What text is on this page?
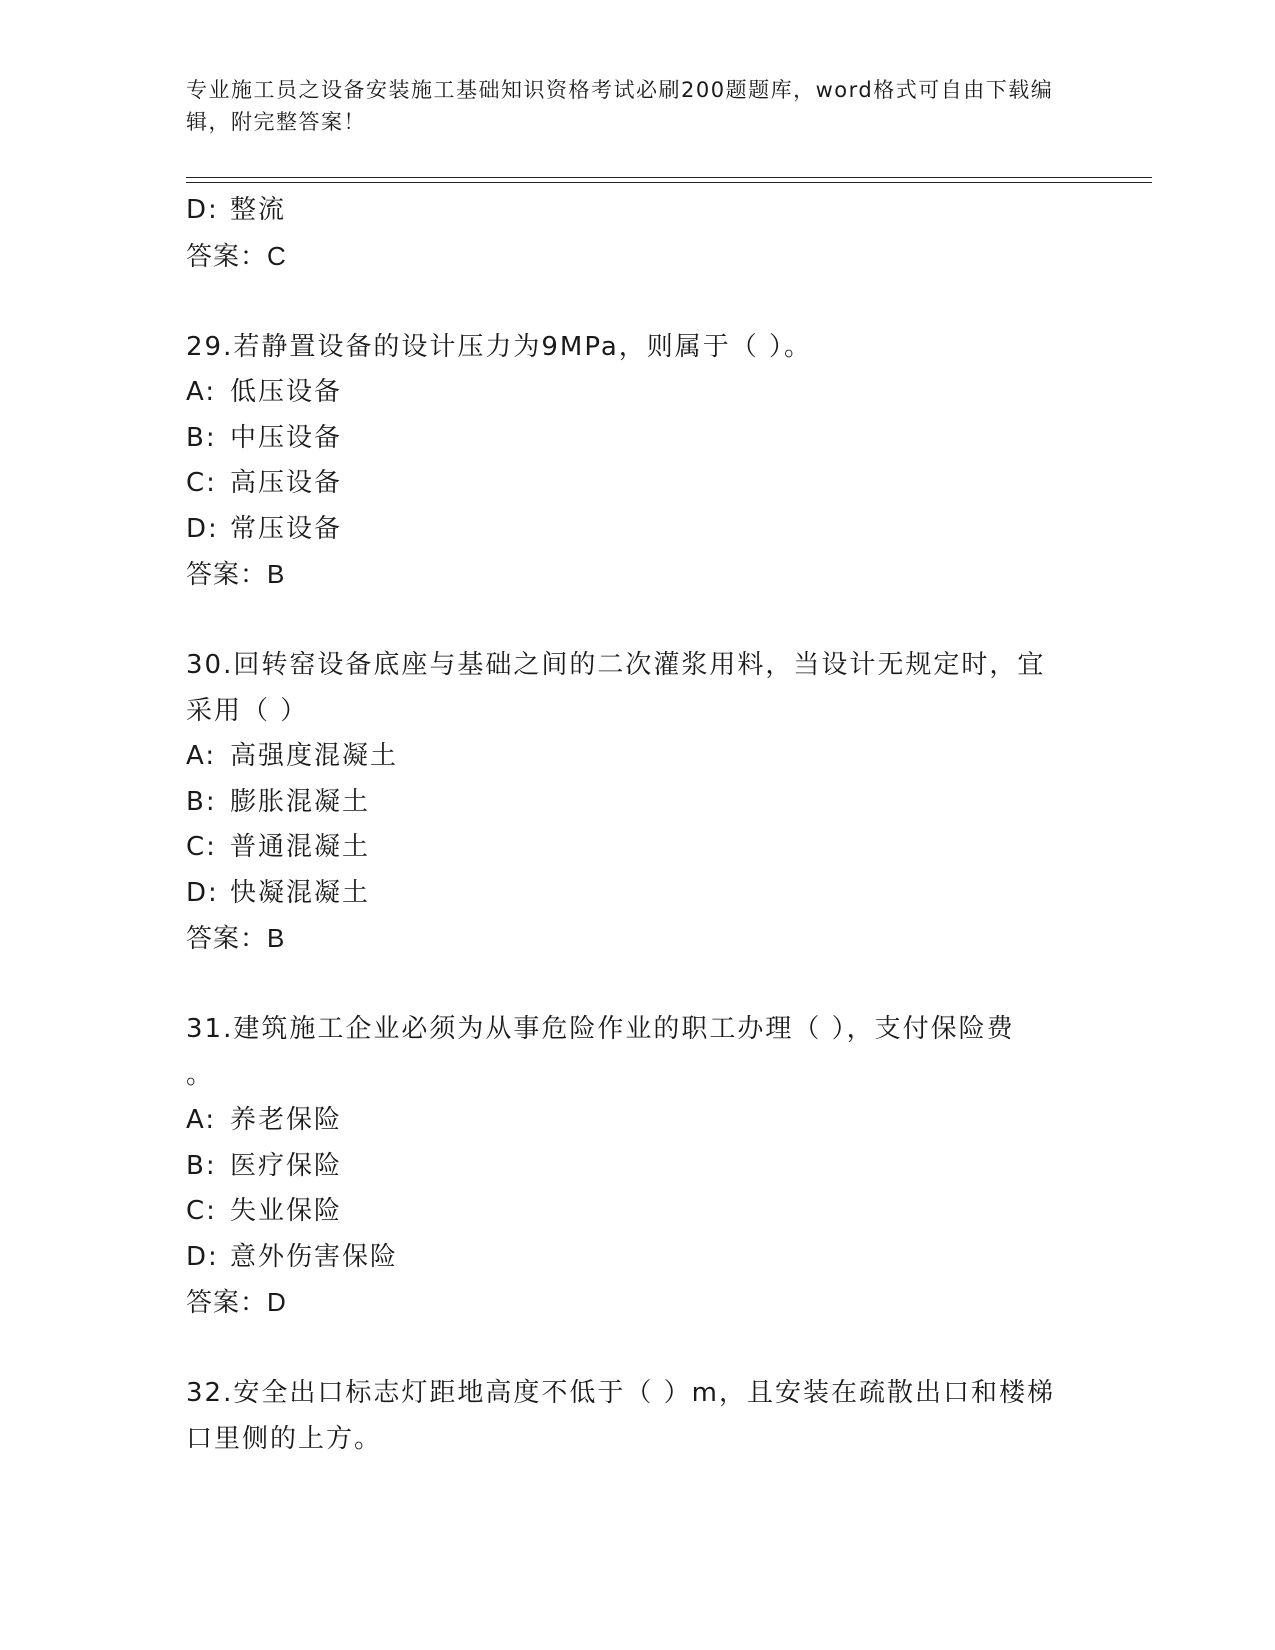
专业施工员之设备安装施工基础知识资格考试必刷200题题库，word格式可自由下载编辑，附完整答案！
D: 整流
答案：C
29.若静置设备的设计压力为9MPa，则属于（ ）。
A: 低压设备
B: 中压设备
C: 高压设备
D: 常压设备
答案：B
30.回转窑设备底座与基础之间的二次灌浆用料，当设计无规定时，宜
采用（ ）
A: 高强度混凝土
B: 膨胀混凝土
C: 普通混凝土
D: 快凝混凝土
答案：B
31.建筑施工企业必须为从事危险作业的职工办理（ ），支付保险费
。
A: 养老保险
B: 医疗保险
C: 失业保险
D: 意外伤害保险
答案：D
32.安全出口标志灯距地高度不低于（ ）m，且安装在疏散出口和楼梯
口里侧的上方。
